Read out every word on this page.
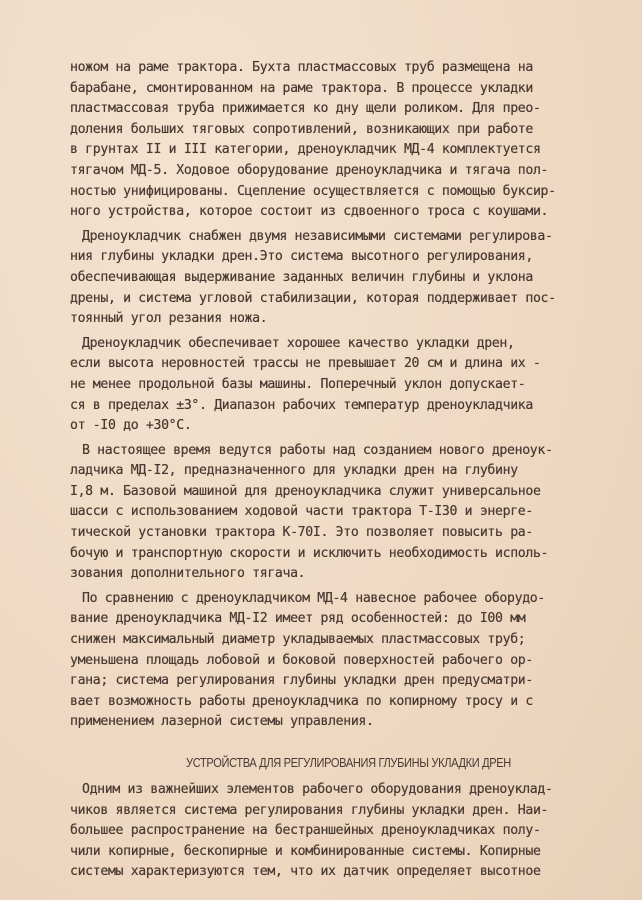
ножом на раме трактора. Бухта пластмассовых труб размещена на
барабане, смонтированном на раме трактора. В процессе укладки
пластмассовая труба прижимается ко дну щели роликом. Для прео-
доления больших тяговых сопротивлений, возникающих при работе
в грунтах II и III категории, дреноукладчик МД-4 комплектуется
тягачом МД-5. Ходовое оборудование дреноукладчика и тягача пол-
ностью унифицированы. Сцепление осуществляется с помощью буксир-
ного устройства, которое состоит из сдвоенного троса с коушами.
Дреноукладчик снабжен двумя независимыми системами регулирова-
ния глубины укладки дрен.Это система высотного регулирования,
обеспечивающая выдерживание заданных величин глубины и уклона
дрены, и система угловой стабилизации, которая поддерживает пос-
тоянный угол резания ножа.
Дреноукладчик обеспечивает хорошее качество укладки дрен,
если высота неровностей трассы не превышает 20 см и длина их -
не менее продольной базы машины. Поперечный уклон допускает-
ся в пределах ±3°. Диапазон рабочих температур дреноукладчика
от -I0 до +30°С.
В настоящее время ведутся работы над созданием нового дреноук-
ладчика МД-I2, предназначенного для укладки дрен на глубину
I,8 м. Базовой машиной для дреноукладчика служит универсальное
шасси с использованием ходовой части трактора Т-I30 и энерге-
тической установки трактора К-70I. Это позволяет повысить ра-
бочую и транспортную скорости и исключить необходимость исполь-
зования дополнительного тягача.
По сравнению с дреноукладчиком МД-4 навесное рабочее оборудо-
вание дреноукладчика МД-I2 имеет ряд особенностей: до I00 мм
снижен максимальный диаметр укладываемых пластмассовых труб;
уменьшена площадь лобовой и боковой поверхностей рабочего ор-
гана; система регулирования глубины укладки дрен предусматри-
вает возможность работы дреноукладчика по копирному тросу и с
применением лазерной системы управления.
УСТРОЙСТВА ДЛЯ РЕГУЛИРОВАНИЯ ГЛУБИНЫ УКЛАДКИ ДРЕН
Одним из важнейших элементов рабочего оборудования дреноуклад-
чиков является система регулирования глубины укладки дрен. Наи-
большее распространение на бестраншейных дреноукладчиках полу-
чили копирные, бескопирные и комбинированные системы. Копирные
системы характеризуются тем, что их датчик определяет высотное
